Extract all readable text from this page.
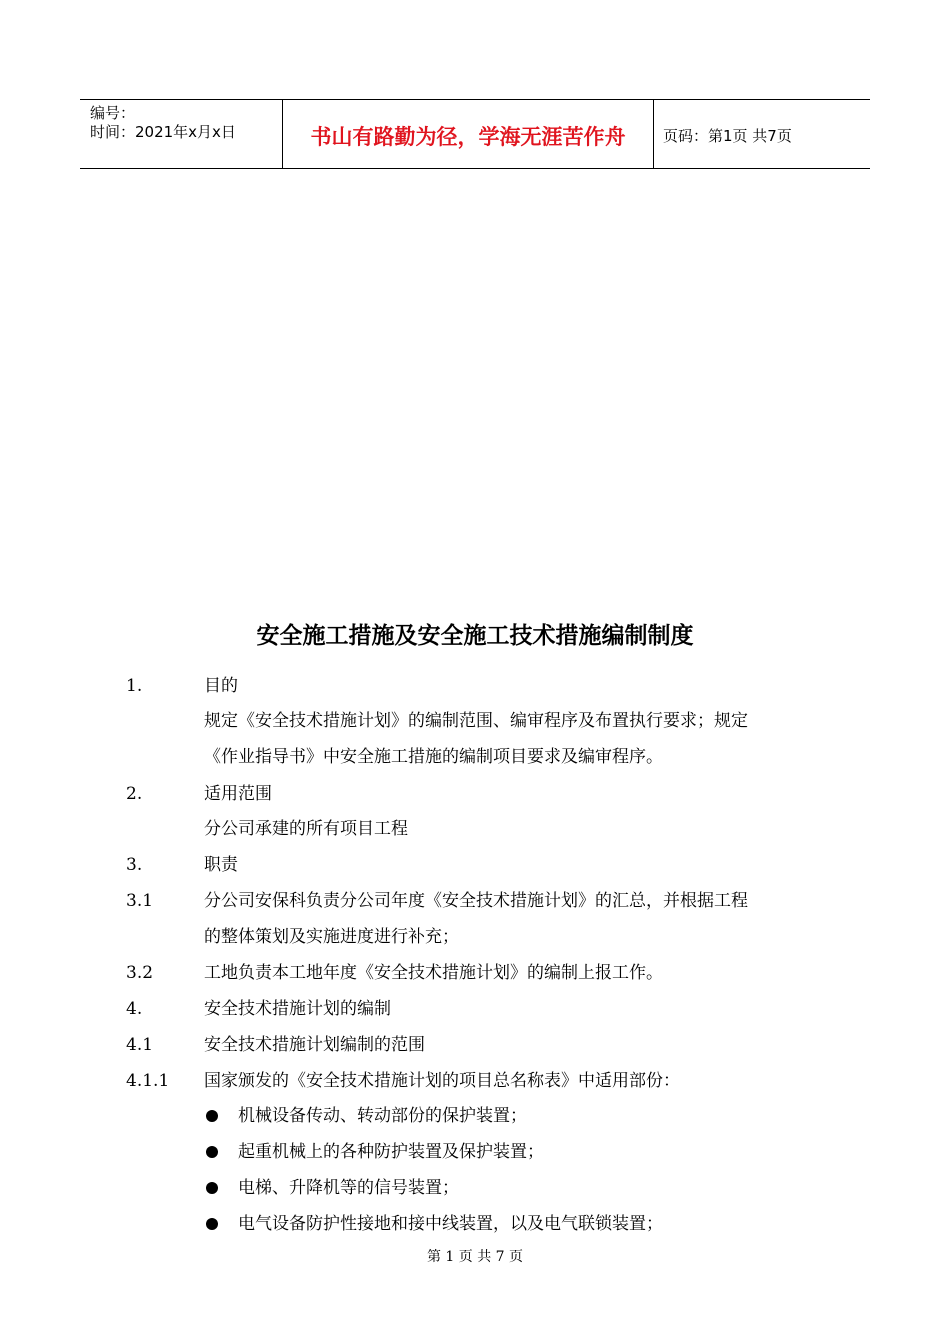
编号：
时间：2021年x月x日	书山有路勤为径，学海无涯苦作舟	页码：第1页 共7页
安全施工措施及安全施工技术措施编制制度
1.	目的
规定《安全技术措施计划》的编制范围、编审程序及布置执行要求；规定
《作业指导书》中安全施工措施的编制项目要求及编审程序。
2.	适用范围
分公司承建的所有项目工程
3.	职责
3.1	分公司安保科负责分公司年度《安全技术措施计划》的汇总，并根据工程
的整体策划及实施进度进行补充；
3.2	工地负责本工地年度《安全技术措施计划》的编制上报工作。
4.	安全技术措施计划的编制
4.1	安全技术措施计划编制的范围
4.1.1 国家颁发的《安全技术措施计划的项目总名称表》中适用部份：
机械设备传动、转动部份的保护装置；
起重机械上的各种防护装置及保护装置；
电梯、升降机等的信号装置；
电气设备防护性接地和接中线装置，以及电气联锁装置；
第 1 页 共 7 页
